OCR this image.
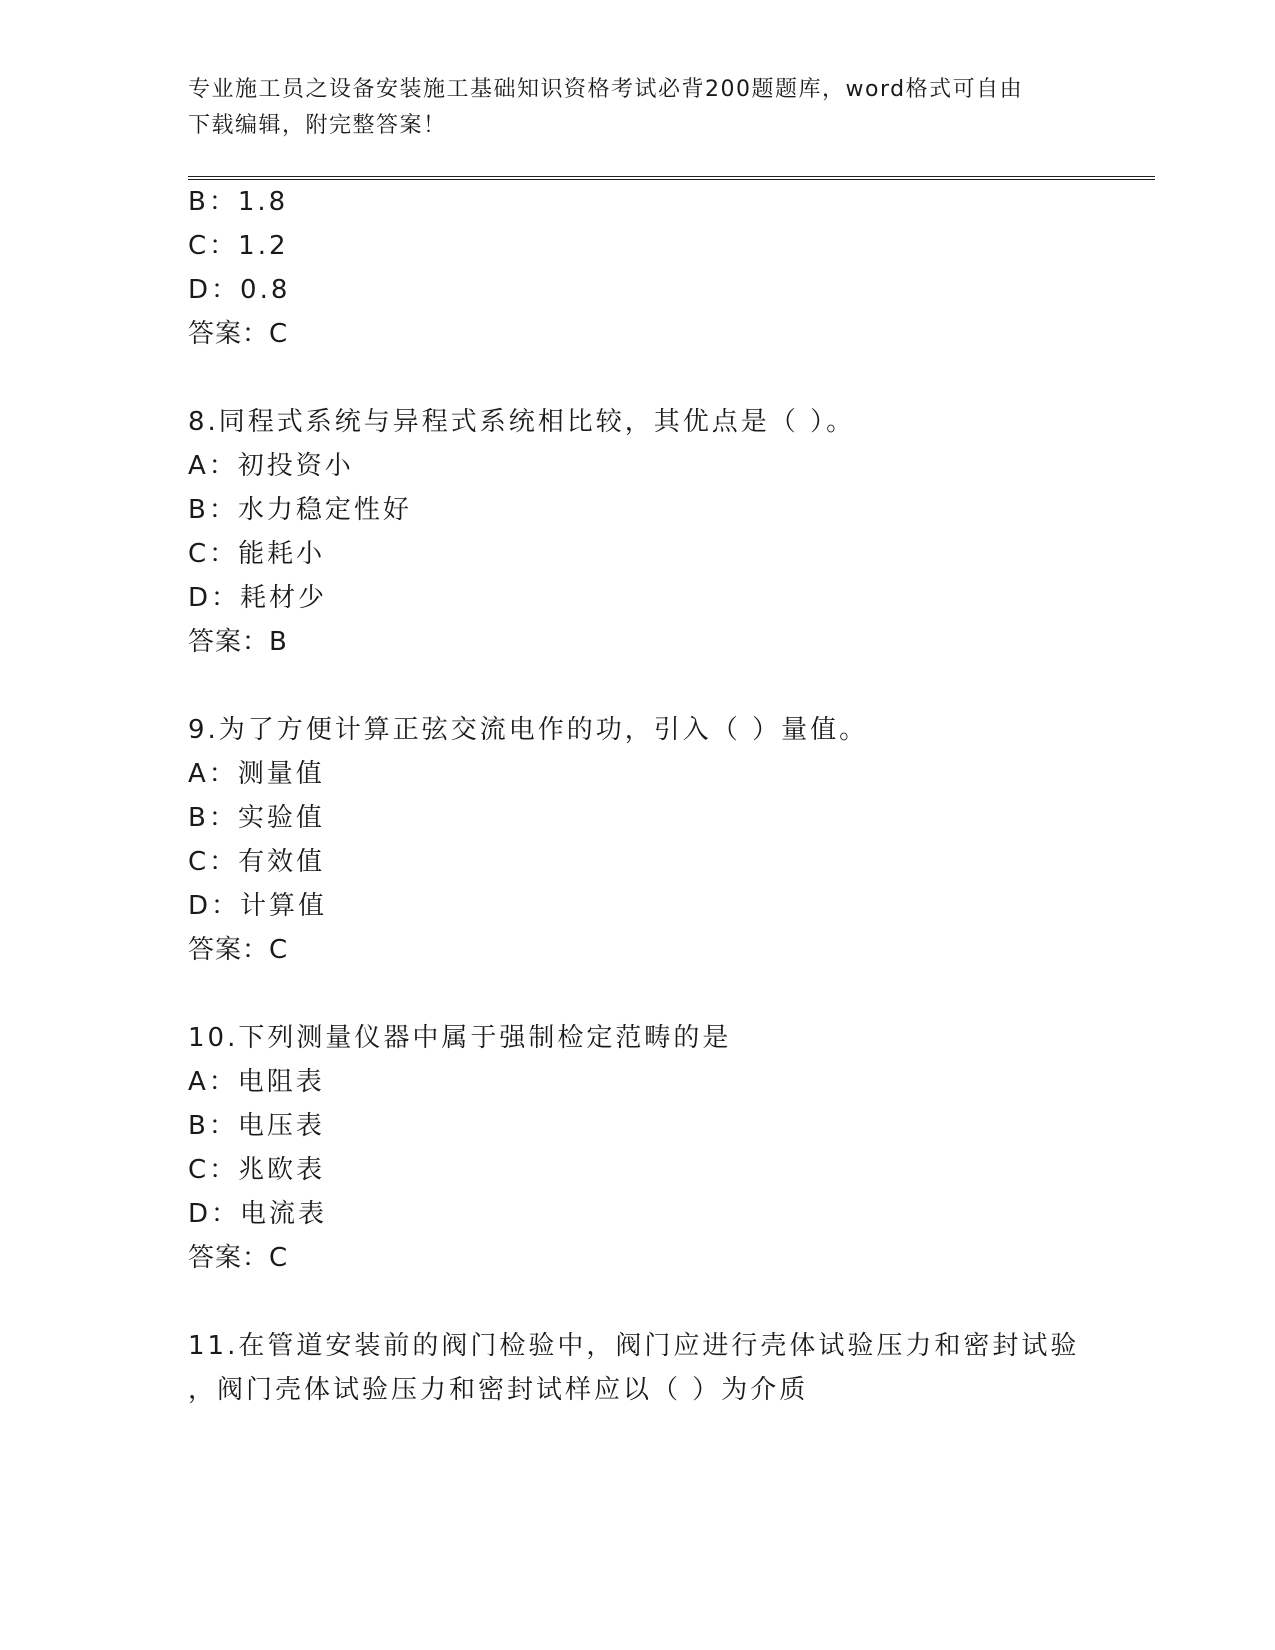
专业施工员之设备安装施工基础知识资格考试必背200题题库，word格式可自由
下载编辑，附完整答案！
B：1.8
C：1.2
D：0.8
答案：C
8.同程式系统与异程式系统相比较，其优点是（ ）。
A：初投资小
B：水力稳定性好
C：能耗小
D：耗材少
答案：B
9.为了方便计算正弦交流电作的功，引入（ ）量值。
A：测量值
B：实验值
C：有效值
D：计算值
答案：C
10.下列测量仪器中属于强制检定范畴的是
A：电阻表
B：电压表
C：兆欧表
D：电流表
答案：C
11.在管道安装前的阀门检验中，阀门应进行壳体试验压力和密封试验
，阀门壳体试验压力和密封试样应以（ ）为介质
